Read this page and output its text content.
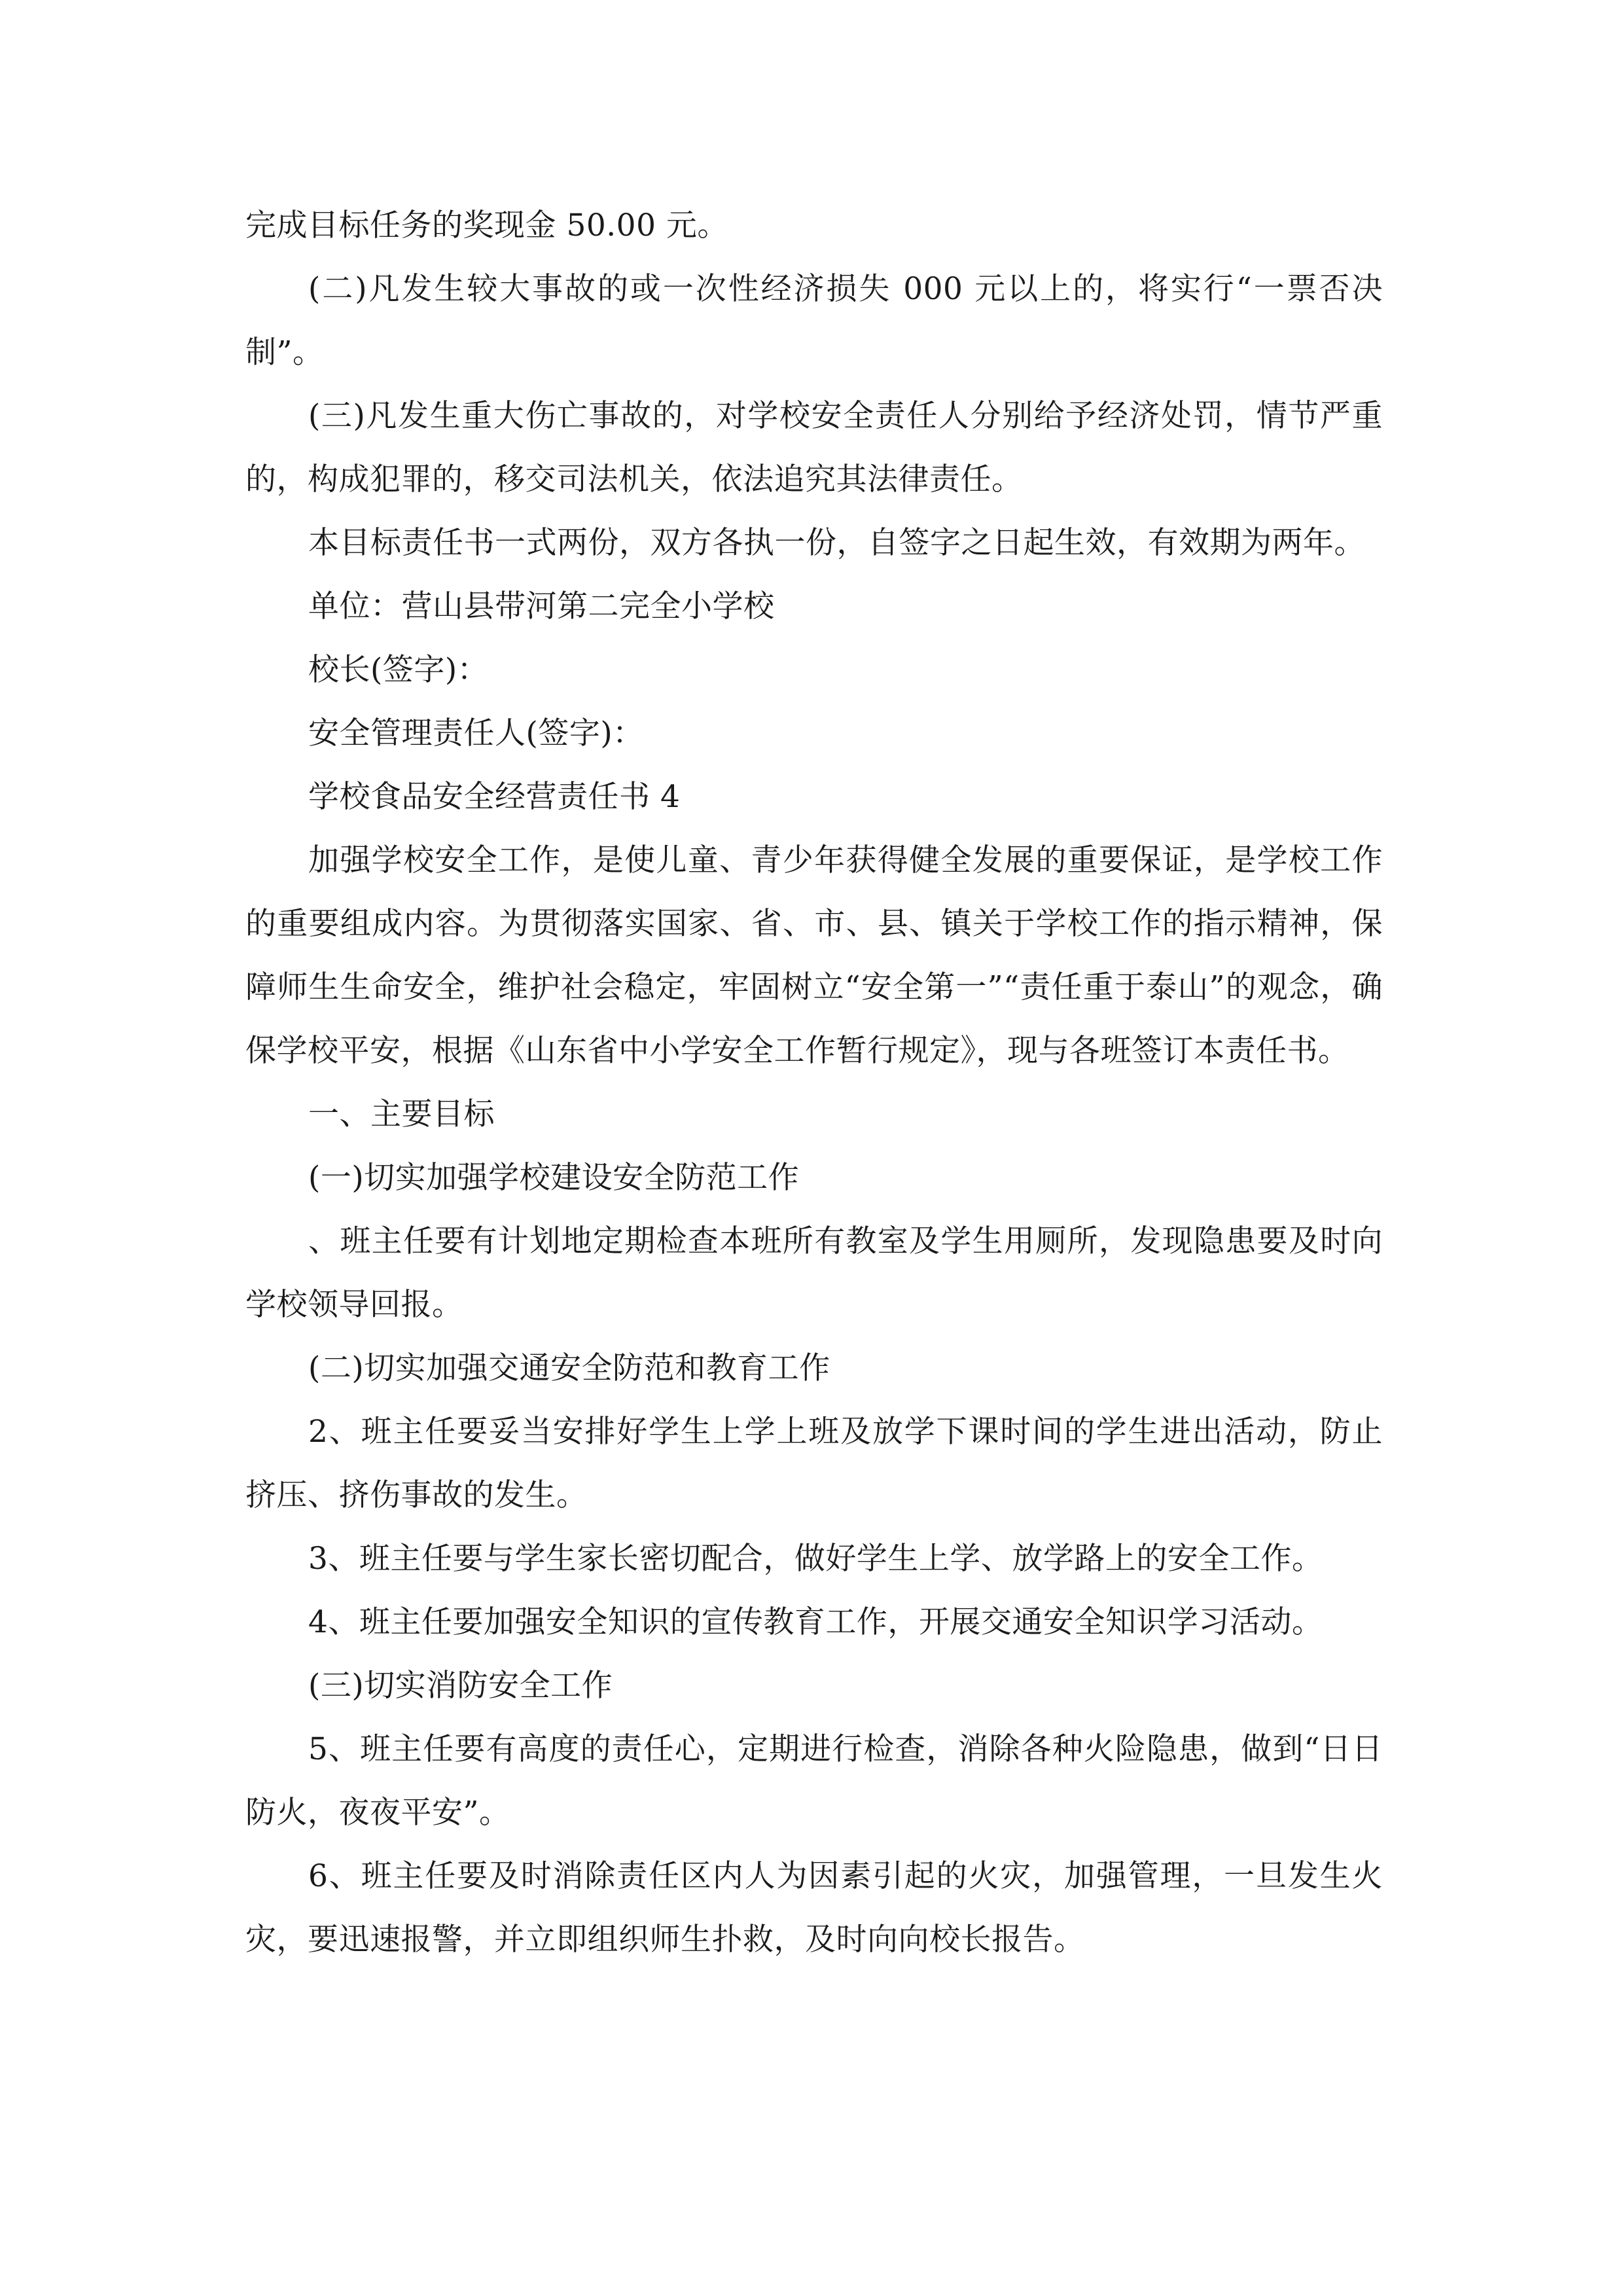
完成目标任务的奖现金 50.00 元。

(二)凡发生较大事故的或一次性经济损失 000 元以上的，将实行“一票否决制”。

(三)凡发生重大伤亡事故的，对学校安全责任人分别给予经济处罚，情节严重的，构成犯罪的，移交司法机关，依法追究其法律责任。

本目标责任书一式两份，双方各执一份，自签字之日起生效，有效期为两年。

单位：营山县带河第二完全小学校

校长(签字)：

安全管理责任人(签字)：

学校食品安全经营责任书 4

加强学校安全工作，是使儿童、青少年获得健全发展的重要保证，是学校工作的重要组成内容。为贯彻落实国家、省、市、县、镇关于学校工作的指示精神，保障师生生命安全，维护社会稳定，牢固树立“安全第一”“责任重于泰山”的观念，确保学校平安，根据《山东省中小学安全工作暂行规定》，现与各班签订本责任书。

一、主要目标

(一)切实加强学校建设安全防范工作

、班主任要有计划地定期检查本班所有教室及学生用厕所，发现隐患要及时向学校领导回报。

(二)切实加强交通安全防范和教育工作

2、班主任要妥当安排好学生上学上班及放学下课时间的学生进出活动，防止挤压、挤伤事故的发生。

3、班主任要与学生家长密切配合，做好学生上学、放学路上的安全工作。

4、班主任要加强安全知识的宣传教育工作，开展交通安全知识学习活动。

(三)切实消防安全工作

5、班主任要有高度的责任心，定期进行检查，消除各种火险隐患，做到“日日防火，夜夜平安”。

6、班主任要及时消除责任区内人为因素引起的火灾，加强管理，一旦发生火灾，要迅速报警，并立即组织师生扑救，及时向向校长报告。
